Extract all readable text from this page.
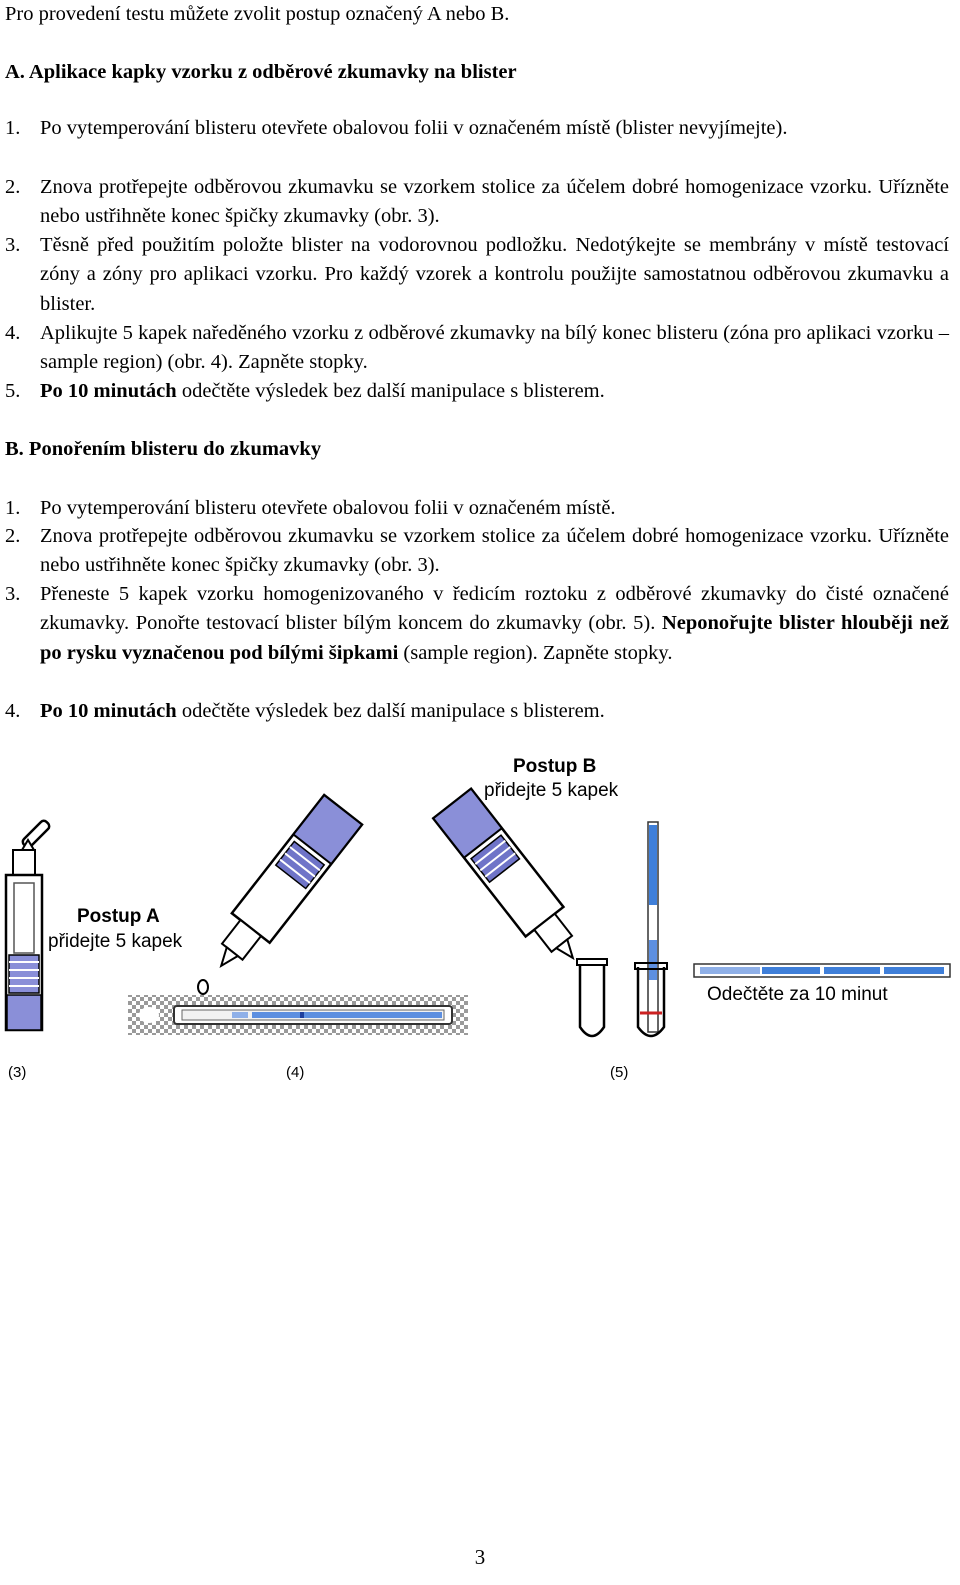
Pro provedení testu můžete zvolit postup označený A nebo B.
A. Aplikace kapky vzorku z odběrové zkumavky na blister
1. Po vytemperování blisteru otevřete obalovou folii v označeném místě (blister nevyjímejte).
2. Znova protřepejte odběrovou zkumavku se vzorkem stolice za účelem dobré homogenizace vzorku. Uřízněte nebo ustřihněte konec špičky zkumavky (obr. 3).
3. Těsně před použitím položte blister na vodorovnou podložku. Nedotýkejte se membrány v místě testovací zóny a zóny pro aplikaci vzorku. Pro každý vzorek a kontrolu použijte samostatnou odběrovou zkumavku a blister.
4. Aplikujte 5 kapek naředěného vzorku z odběrové zkumavky na bílý konec blisteru (zóna pro aplikaci vzorku – sample region) (obr. 4). Zapněte stopky.
5. Po 10 minutách odečtěte výsledek bez další manipulace s blisterem.
B. Ponořením blisteru do zkumavky
1. Po vytemperování blisteru otevřete obalovou folii v označeném místě.
2. Znova protřepejte odběrovou zkumavku se vzorkem stolice za účelem dobré homogenizace vzorku. Uřízněte nebo ustřihněte konec špičky zkumavky (obr. 3).
3. Přeneste 5 kapek vzorku homogenizovaného v ředicím roztoku z odběrové zkumavky do čisté označené zkumavky. Ponořte testovací blister bílým koncem do zkumavky (obr. 5). Neponořujte blister hlouběji než po rysku vyznačenou pod bílými šipkami (sample region). Zapněte stopky.
4. Po 10 minutách odečtěte výsledek bez další manipulace s blisterem.
Postup B
přidejte 5 kapek
Postup A
přidejte 5 kapek
Odečtěte za 10 minut
(3)	(4)	(5)
3
